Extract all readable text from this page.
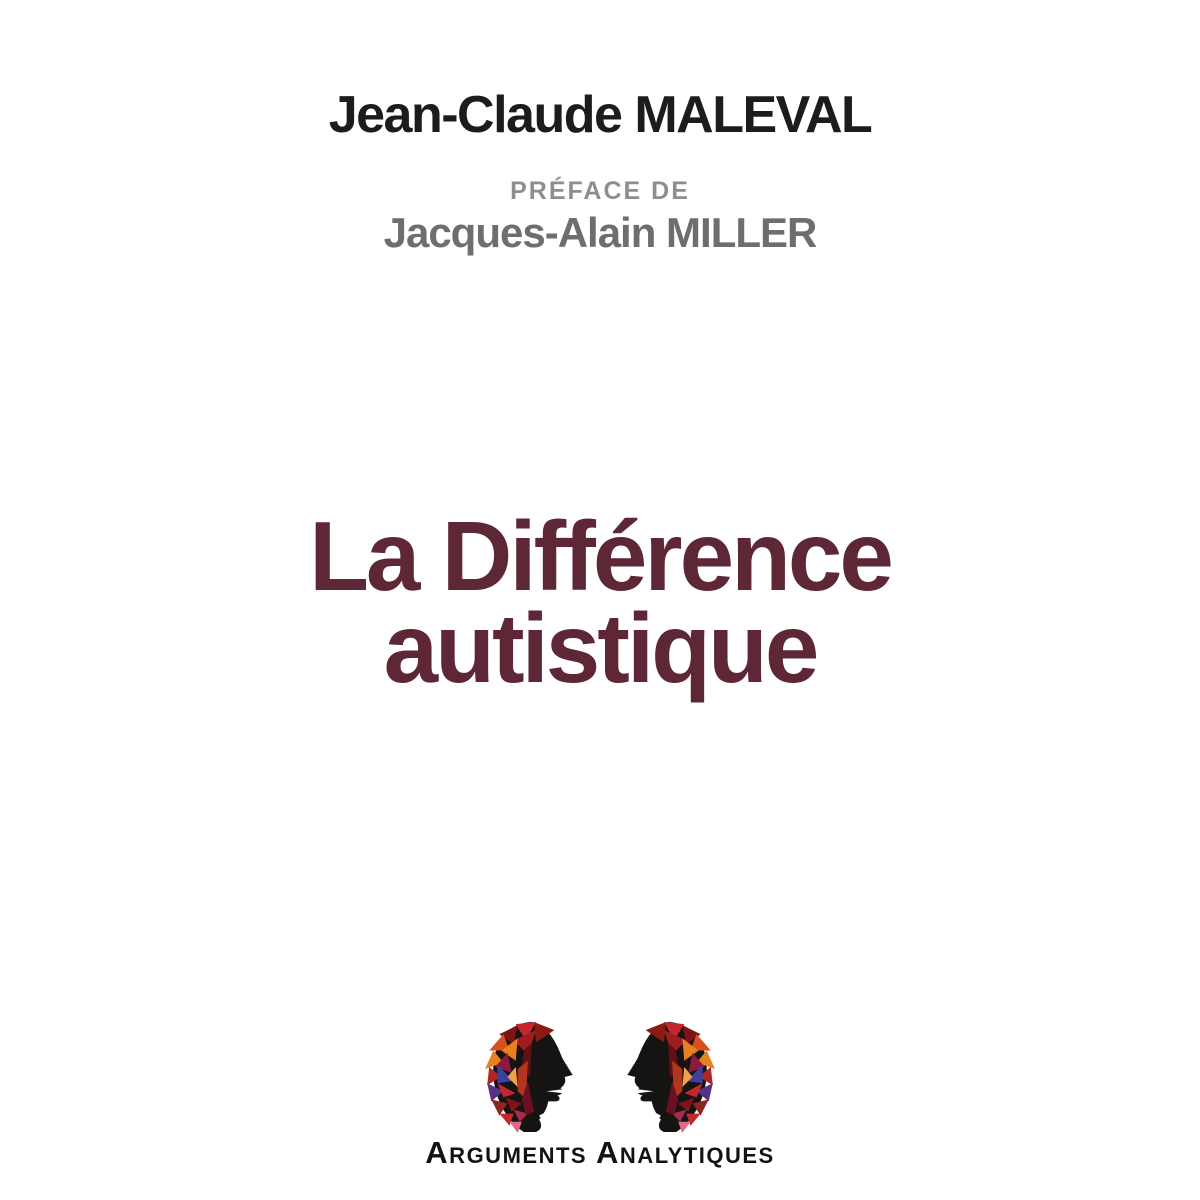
Jean-Claude MALEVAL
PRÉFACE DE
Jacques-Alain MILLER
La Différence
autistique
Arguments Analytiques
